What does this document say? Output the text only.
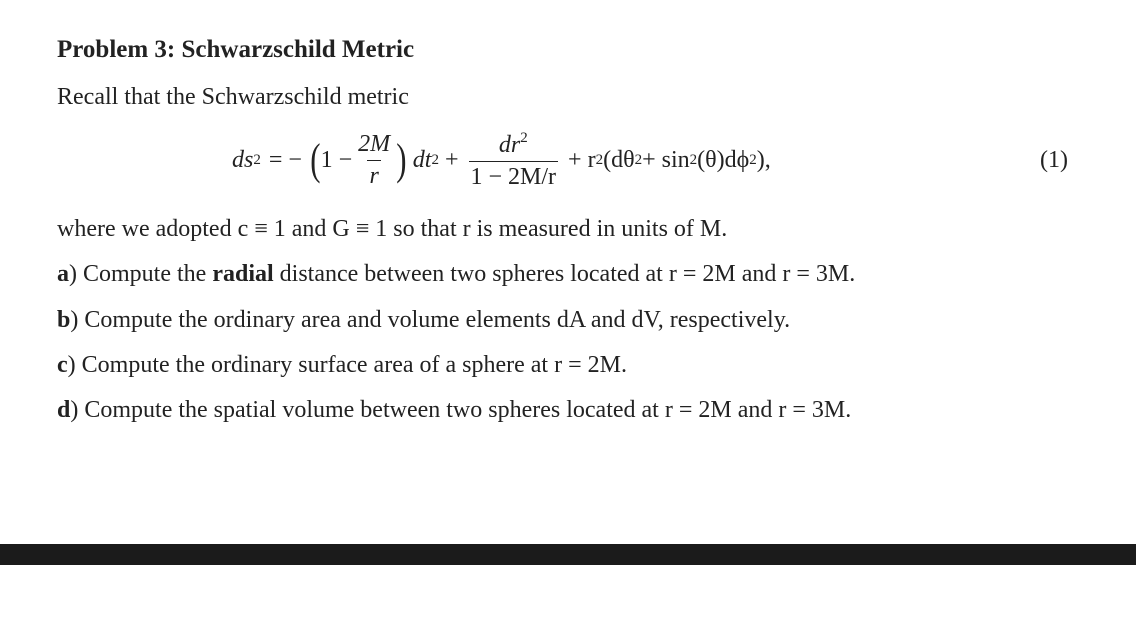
Problem 3: Schwarzschild Metric
Recall that the Schwarzschild metric
ds 2 = − ( $1 - \frac{2M}{r}$ ) dt $2 + \frac{dr^2}{1 - 2M/r} + r$ 2 (dθ 2 + sin 2 (θ)dϕ 2 ),	(1)
where we adopted c ≡ 1 and G ≡ 1 so that r is measured in units of M.
a) Compute the radial distance between two spheres located at r = 2M and r = 3M.
b) Compute the ordinary area and volume elements dA and dV, respectively.
c) Compute the ordinary surface area of a sphere at r = 2M.
d) Compute the spatial volume between two spheres located at r = 2M and r = 3M.
